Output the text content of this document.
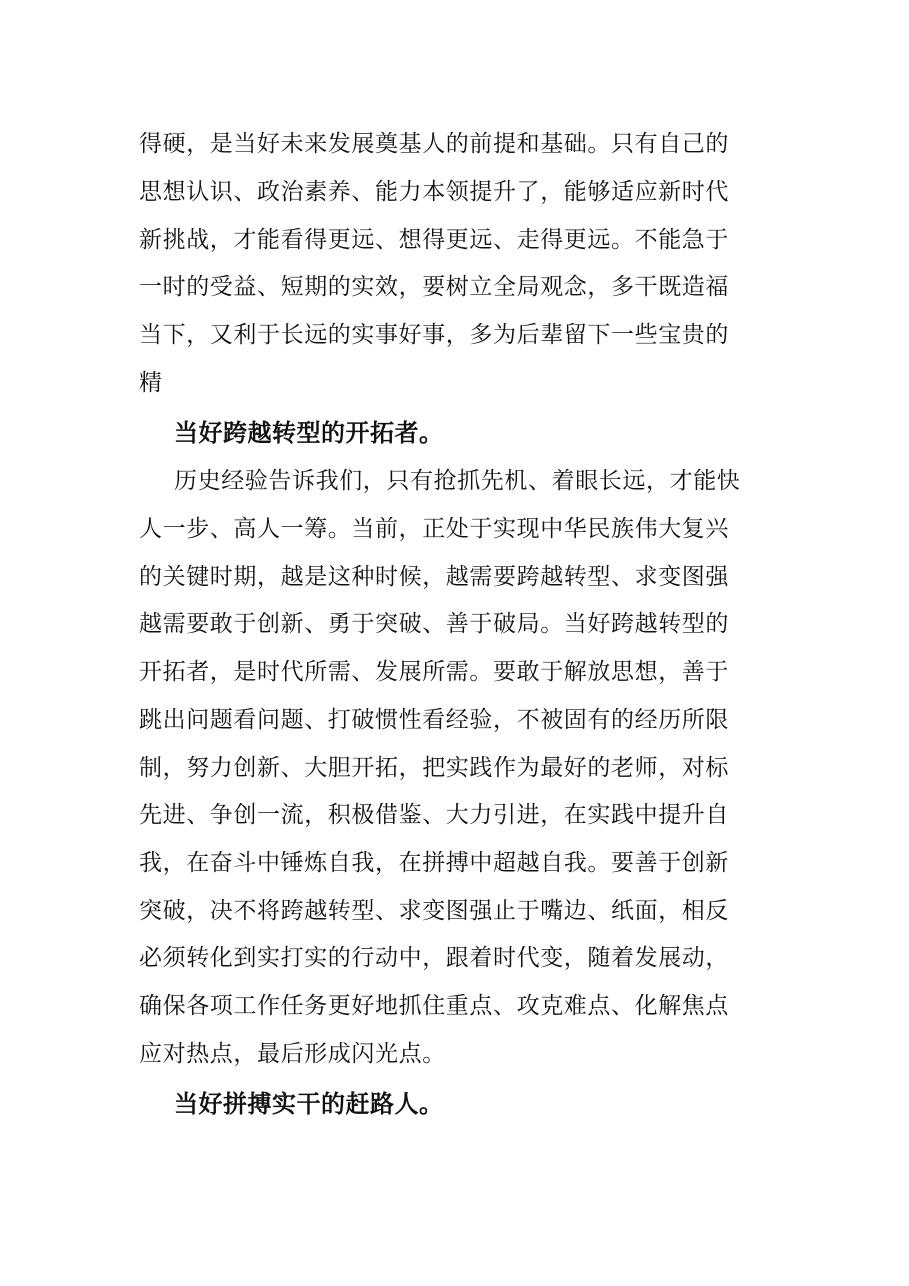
得硬，是当好未来发展奠基人的前提和基础。只有自己的
思想认识、政治素养、能力本领提升了，能够适应新时代
新挑战，才能看得更远、想得更远、走得更远。不能急于
一时的受益、短期的实效，要树立全局观念，多干既造福
当下，又利于长远的实事好事，多为后辈留下一些宝贵的
精
当好跨越转型的开拓者。
历史经验告诉我们，只有抢抓先机、着眼长远，才能快
人一步、高人一筹。当前，正处于实现中华民族伟大复兴
的关键时期，越是这种时候，越需要跨越转型、求变图强
越需要敢于创新、勇于突破、善于破局。当好跨越转型的
开拓者，是时代所需、发展所需。要敢于解放思想，善于
跳出问题看问题、打破惯性看经验，不被固有的经历所限
制，努力创新、大胆开拓，把实践作为最好的老师，对标
先进、争创一流，积极借鉴、大力引进，在实践中提升自
我，在奋斗中锤炼自我，在拼搏中超越自我。要善于创新
突破，决不将跨越转型、求变图强止于嘴边、纸面，相反
必须转化到实打实的行动中，跟着时代变，随着发展动，
确保各项工作任务更好地抓住重点、攻克难点、化解焦点
应对热点，最后形成闪光点。
当好拼搏实干的赶路人。
